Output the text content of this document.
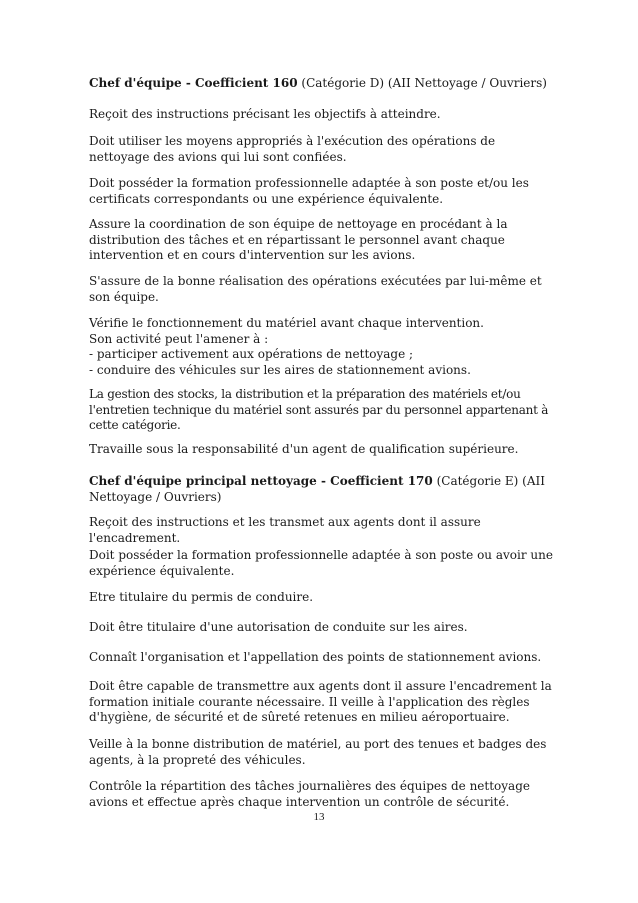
Chef d'équipe - Coefficient 160 (Catégorie D) (AII Nettoyage / Ouvriers)

Reçoit des instructions précisant les objectifs à atteindre.

Doit utiliser les moyens appropriés à l'exécution des opérations de nettoyage des avions qui lui sont confiées.

Doit posséder la formation professionnelle adaptée à son poste et/ou les certificats correspondants ou une expérience équivalente.

Assure la coordination de son équipe de nettoyage en procédant à la distribution des tâches et en répartissant le personnel avant chaque intervention et en cours d'intervention sur les avions.

S'assure de la bonne réalisation des opérations exécutées par lui-même et son équipe.

Vérifie le fonctionnement du matériel avant chaque intervention.

Son activité peut l'amener à :

- participer activement aux opérations de nettoyage ;

- conduire des véhicules sur les aires de stationnement avions.

La gestion des stocks, la distribution et la préparation des matériels et/ou l'entretien technique du matériel sont assurés par du personnel appartenant à cette catégorie.

Travaille sous la responsabilité d'un agent de qualification supérieure.

Chef d'équipe principal nettoyage - Coefficient 170 (Catégorie E) (AII Nettoyage / Ouvriers)

Reçoit des instructions et les transmet aux agents dont il assure l'encadrement.

Doit posséder la formation professionnelle adaptée à son poste ou avoir une expérience équivalente.

Etre titulaire du permis de conduire.

Doit être titulaire d'une autorisation de conduite sur les aires.

Connaît l'organisation et l'appellation des points de stationnement avions.

Doit être capable de transmettre aux agents dont il assure l'encadrement la formation initiale courante nécessaire. Il veille à l'application des règles d'hygiène, de sécurité et de sûreté retenues en milieu aéroportuaire.

Veille à la bonne distribution de matériel, au port des tenues et badges des agents, à la propreté des véhicules.

Contrôle la répartition des tâches journalières des équipes de nettoyage avions et effectue après chaque intervention un contrôle de sécurité.

13
